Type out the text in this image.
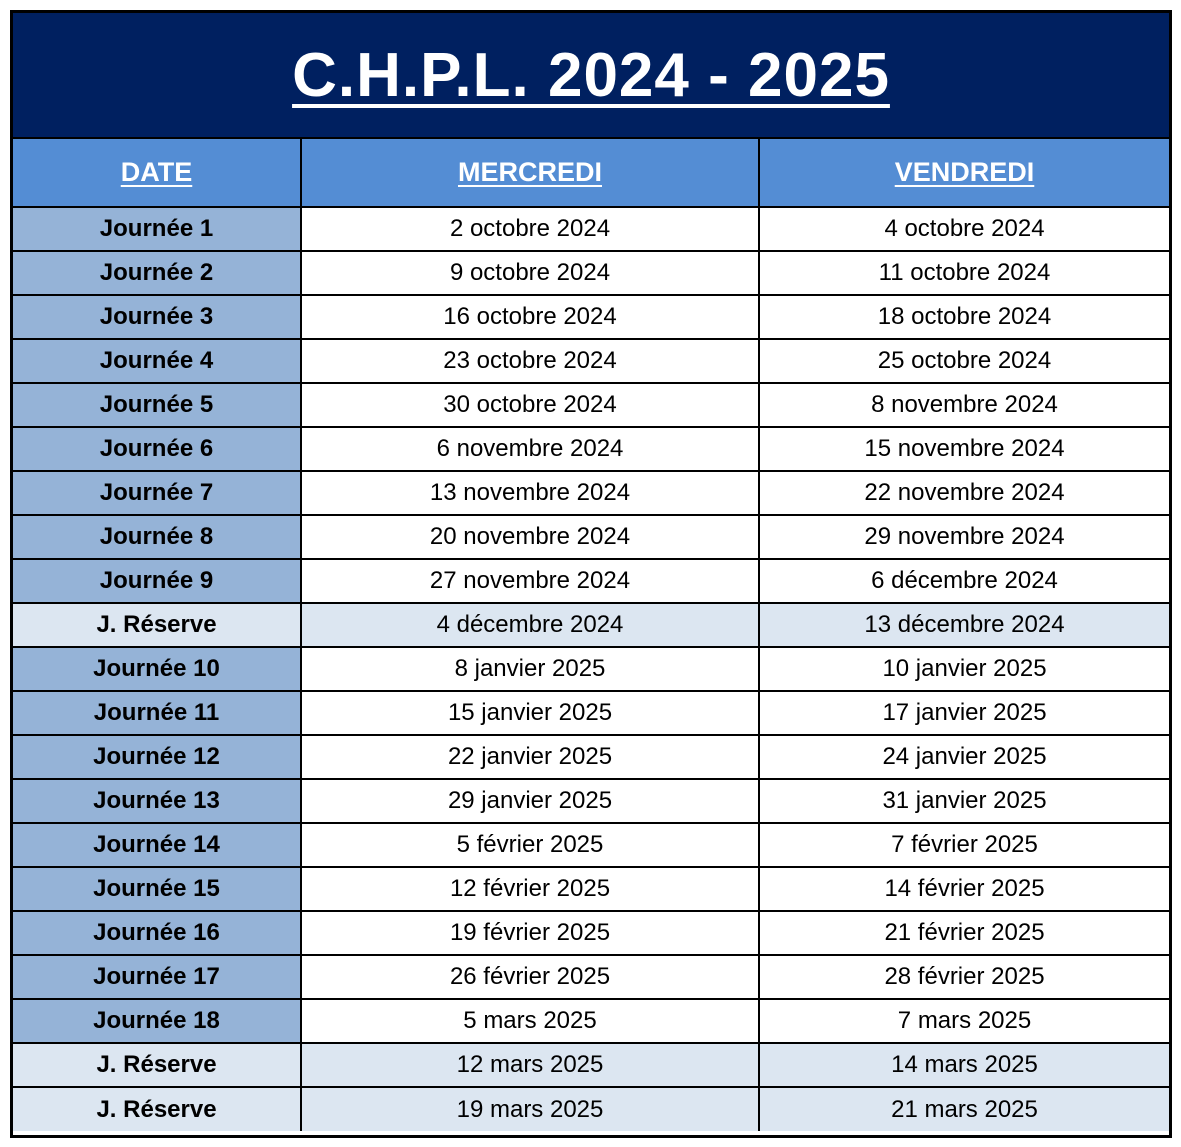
C.H.P.L. 2024 - 2025
DATE	MERCREDI	VENDREDI
Journée 1	2 octobre 2024	4 octobre 2024
Journée 2	9 octobre 2024	11 octobre 2024
Journée 3	16 octobre 2024	18 octobre 2024
Journée 4	23 octobre 2024	25 octobre 2024
Journée 5	30 octobre 2024	8 novembre 2024
Journée 6	6 novembre 2024	15 novembre 2024
Journée 7	13 novembre 2024	22 novembre 2024
Journée 8	20 novembre 2024	29 novembre 2024
Journée 9	27 novembre 2024	6 décembre 2024
J. Réserve	4 décembre 2024	13 décembre 2024
Journée 10	8 janvier 2025	10 janvier 2025
Journée 11	15 janvier 2025	17 janvier 2025
Journée 12	22 janvier 2025	24 janvier 2025
Journée 13	29 janvier 2025	31 janvier 2025
Journée 14	5 février 2025	7 février 2025
Journée 15	12 février 2025	14 février 2025
Journée 16	19 février 2025	21 février 2025
Journée 17	26 février 2025	28 février 2025
Journée 18	5 mars 2025	7 mars 2025
J. Réserve	12 mars 2025	14 mars 2025
J. Réserve	19 mars 2025	21 mars 2025
